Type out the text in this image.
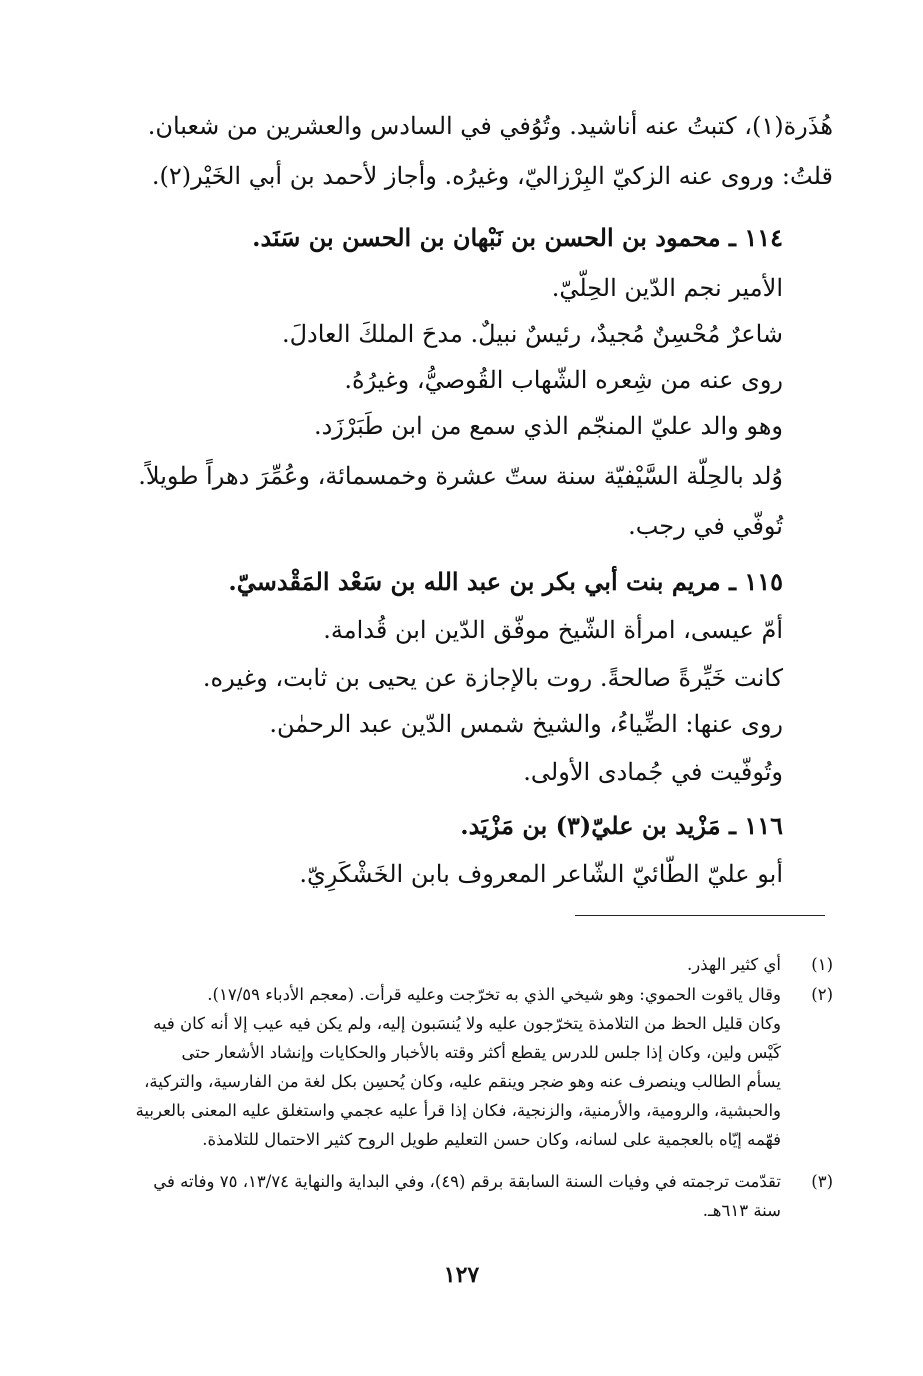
هُذَرة(١)، كتبتُ عنه أناشيد. وتُوُفي في السادس والعشرين من شعبان.
قلتُ: وروى عنه الزكيّ البِرْزاليّ، وغيرُه. وأجاز لأحمد بن أبي الخَيْر(٢).
١١٤ ـ محمود بن الحسن بن نَبْهان بن الحسن بن سَنَد.
الأمير نجم الدّين الحِلّيّ.
شاعرٌ مُحْسِنٌ مُجيدٌ، رئيسٌ نبيلٌ. مدحَ الملكَ العادلَ.
روى عنه من شِعره الشّهاب القُوصيُّ، وغيرُهُ.
وهو والد عليّ المنجّم الذي سمع من ابن طَبَرْزَد.
وُلد بالحِلّة السَّيْفيّة سنة ستّ عشرة وخمسمائة، وعُمِّرَ دهراً طويلاً.
تُوفّي في رجب.
١١٥ ـ مريم بنت أبي بكر بن عبد الله بن سَعْد المَقْدسيّ.
أمّ عيسى، امرأة الشّيخ موفّق الدّين ابن قُدامة.
كانت خَيِّرةً صالحةً. روت بالإجازة عن يحيى بن ثابت، وغيره.
روى عنها: الضِّياءُ، والشيخ شمس الدّين عبد الرحمٰن.
وتُوفّيت في جُمادى الأولى.
١١٦ ـ مَزْيد بن عليّ(٣) بن مَزْيَد.
أبو عليّ الطّائيّ الشّاعر المعروف بابن الخَشْكَرِيّ.
(١)
أي كثير الهذر.
(٢)
وقال ياقوت الحموي: وهو شيخي الذي به تخرّجت وعليه قرأت. (معجم الأدباء ١٧/٥٩).
وكان قليل الحظ من التلامذة يتخرّجون عليه ولا يُنسَبون إليه، ولم يكن فيه عيب إلا أنه كان فيه
كَيْس ولين، وكان إذا جلس للدرس يقطع أكثر وقته بالأخبار والحكايات وإنشاد الأشعار حتى
يسأم الطالب وينصرف عنه وهو ضجر وينقم عليه، وكان يُحسِن بكل لغة من الفارسية، والتركية،
والحبشية، والرومية، والأرمنية، والزنجية، فكان إذا قرأ عليه عجمي واستغلق عليه المعنى بالعربية
فهّمه إيّاه بالعجمية على لسانه، وكان حسن التعليم طويل الروح كثير الاحتمال للتلامذة.
(٣)
تقدّمت ترجمته في وفيات السنة السابقة برقم (٤٩)، وفي البداية والنهاية ١٣/٧٤، ٧٥ وفاته في
سنة ٦١٣هـ.
١٢٧
